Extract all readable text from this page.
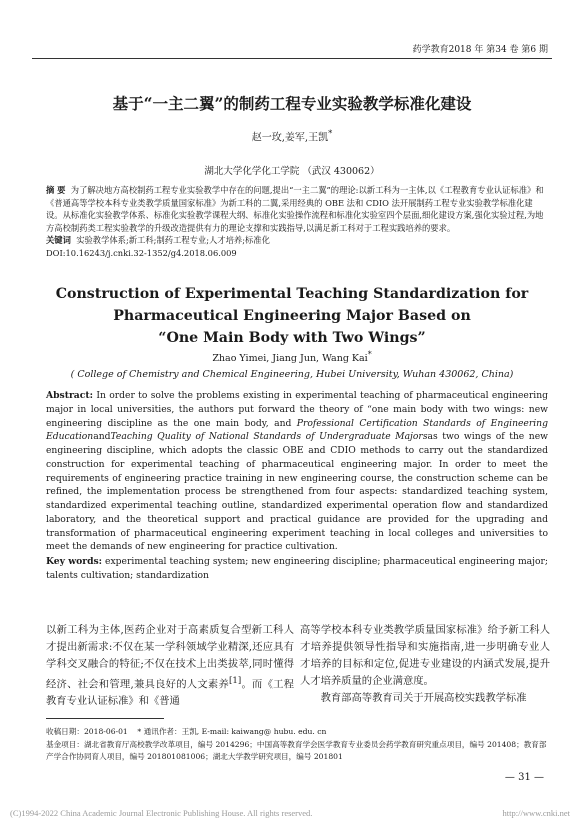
药学教育2018 年 第34 卷 第6 期
基于“一主二翼”的制药工程专业实验教学标准化建设
赵一玫,姜军,王凯*
湖北大学化学化工学院 （武汉 430062）

摘 要 为了解决地方高校制药工程专业实验教学中存在的问题,提出“一主二翼”的理论:以新工科为一主体,以《工程教育专业认证标准》和《普通高等学校本科专业类教学质量国家标准》为新工科的二翼,采用经典的 OBE 法和 CDIO 法开展制药工程专业实验教学标准化建设。从标准化实验教学体系、标准化实验教学课程大纲、标准化实验操作流程和标准化实验室四个层面,细化建设方案,强化实验过程,为地方高校制药类工程实验教学的升级改造提供有力的理论支撑和实践指导,以满足新工科对于工程实践培养的要求。

关键词 实验教学体系;新工科;制药工程专业;人才培养;标准化

DOI:10.16243/j.cnki.32-1352/g4.2018.06.009

Construction of Experimental Teaching Standardization for
Pharmaceutical Engineering Major Based on
“One Main Body with Two Wings”
Zhao Yimei, Jiang Jun, Wang Kai*
( College of Chemistry and Chemical Engineering, Hubei University, Wuhan 430062, China)

Abstract: In order to solve the problems existing in experimental teaching of pharmaceutical engineering major in local universities, the authors put forward the theory of “one main body with two wings: new engineering discipline as the one main body, and Professional Certification Standards of Engineering EducationandTeaching Quality of National Standards of Undergraduate Majorsas two wings of the new engineering discipline, which adopts the classic OBE and CDIO methods to carry out the standardized construction for experimental teaching of pharmaceutical engineering major. In order to meet the requirements of engineering practice training in new engineering course, the construction scheme can be refined, the implementation process be strengthened from four aspects: standardized teaching system, standardized experimental teaching outline, standardized experimental operation flow and standardized laboratory, and the theoretical support and practical guidance are provided for the upgrading and transformation of pharmaceutical engineering experiment teaching in local colleges and universities to meet the demands of new engineering for practice cultivation.

Key words: experimental teaching system; new engineering discipline; pharmaceutical engineering major; talents cultivation; standardization

以新工科为主体,医药企业对于高素质复合型新工科人才提出新需求:不仅在某一学科领域学业精深,还应具有学科交叉融合的特征;不仅在技术上出类拔萃,同时懂得经济、社会和管理,兼具良好的人文素养[1]。而《工程教育专业认证标准》和《普通

高等学校本科专业类教学质量国家标准》给予新工科人才培养提供领导性指导和实施指南,进一步明确专业人才培养的目标和定位,促进专业建设的内涵式发展,提升人才培养质量的企业满意度。

教育部高等教育司关于开展高校实践教学标准

收稿日期：2018-06-01 * 通讯作者：王凯, E-mail: kaiwang@ hubu. edu. cn

基金项目：湖北省教育厅高校教学改革项目，编号 2014296；中国高等教育学会医学教育专业委员会药学教育研究重点项目，编号 201408；教育部产学合作协同育人项目，编号 201801081006；湖北大学教学研究项目，编号 201801

— 31 —
(C)1994-2022 China Academic Journal Electronic Publishing House. All rights reserved.	http://www.cnki.net
